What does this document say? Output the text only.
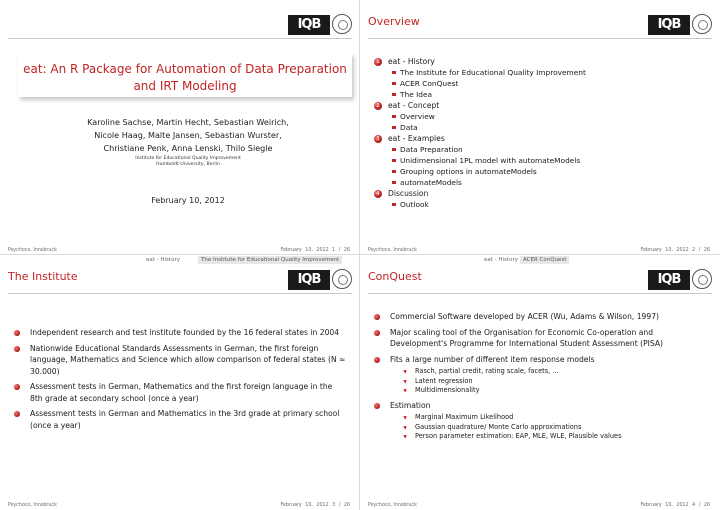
IQB
eat: An R Package for Automation of Data Preparation and IRT Modeling
Karoline Sachse, Martin Hecht, Sebastian Weirich,
Nicole Haag, Malte Jansen, Sebastian Wurster,
Christiane Penk, Anna Lenski, Thilo Siegle
Institute for Educational Quality Improvement
Humboldt-University, Berlin
February 10, 2012
Psychoco, Innsbruck	February 10, 2012 1 / 26
Overview	IQB
1	eat - History
The Institute for Educational Quality Improvement
ACER ConQuest
The Idea
2	eat - Concept
Overview
Data
3	eat - Examples
Data Preparation
Unidimensional 1PL model with automateModels
Grouping options in automateModels
automateModels
4	Discussion
Outlook
Psychoco, Innsbruck	February 10, 2012 2 / 26
eat - History	The Institute for Educational Quality Improvement
The Institute	IQB
Independent research and test institute founded by the 16 federal states in 2004
Nationwide Educational Standards Assessments in German, the first foreign language, Mathematics and Science which allow comparison of federal states (N ≈ 30.000)
Assessment tests in German, Mathematics and the first foreign language in the 8th grade at secondary school (once a year)
Assessment tests in German and Mathematics in the 3rd grade at primary school (once a year)
Psychoco, Innsbruck	February 10, 2012 3 / 26
eat - History ACER ConQuest
ConQuest	IQB
Commercial Software developed by ACER (Wu, Adams & Wilson, 1997)
Major scaling tool of the Organisation for Economic Co-operation and Development's Programme for International Student Assessment (PISA)
Fits a large number of different item response models
Rasch, partial credit, rating scale, facets, ...
Latent regression
Multidimensionality
Estimation
Marginal Maximum Likelihood
Gaussian quadrature/ Monte Carlo approximations
Person parameter estimation: EAP, MLE, WLE, Plausible values
Psychoco, Innsbruck	February 10, 2012 4 / 26
